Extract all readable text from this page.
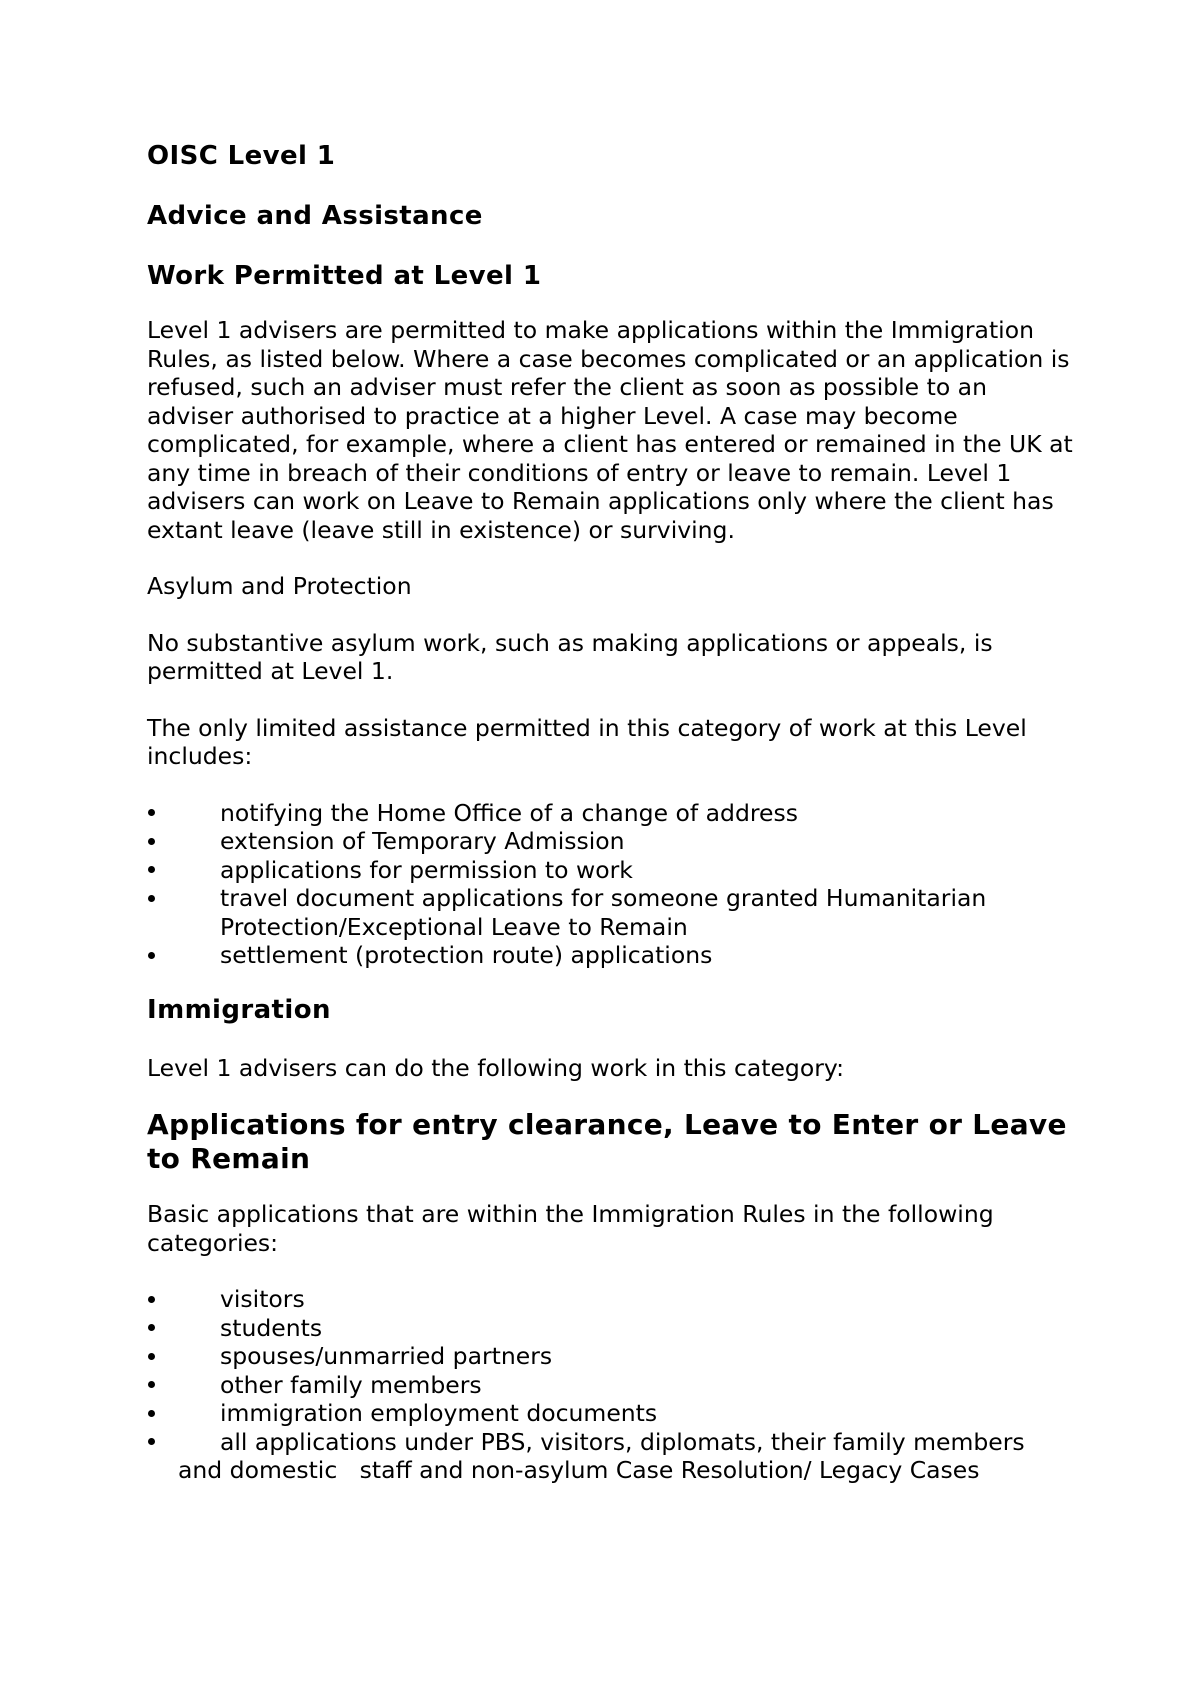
OISC Level 1
Advice and Assistance
Work Permitted at Level 1

Level 1 advisers are permitted to make applications within the Immigration Rules, as listed below. Where a case becomes complicated or an application is refused, such an adviser must refer the client as soon as possible to an adviser authorised to practice at a higher Level. A case may become complicated, for example, where a client has entered or remained in the UK at any time in breach of their conditions of entry or leave to remain. Level 1 advisers can work on Leave to Remain applications only where the client has extant leave (leave still in existence) or surviving.

Asylum and Protection

No substantive asylum work, such as making applications or appeals, is permitted at Level 1.

The only limited assistance permitted in this category of work at this Level includes:

notifying the Home Office of a change of address
extension of Temporary Admission
applications for permission to work
travel document applications for someone granted Humanitarian Protection/Exceptional Leave to Remain
settlement (protection route) applications
Immigration

Level 1 advisers can do the following work in this category:

Applications for entry clearance, Leave to Enter or Leave to Remain

Basic applications that are within the Immigration Rules in the following categories:

visitors
students
spouses/unmarried partners
other family members
immigration employment documents
all applications under PBS, visitors, diplomats, their family members
and domestic   staff and non-asylum Case Resolution/ Legacy Cases
